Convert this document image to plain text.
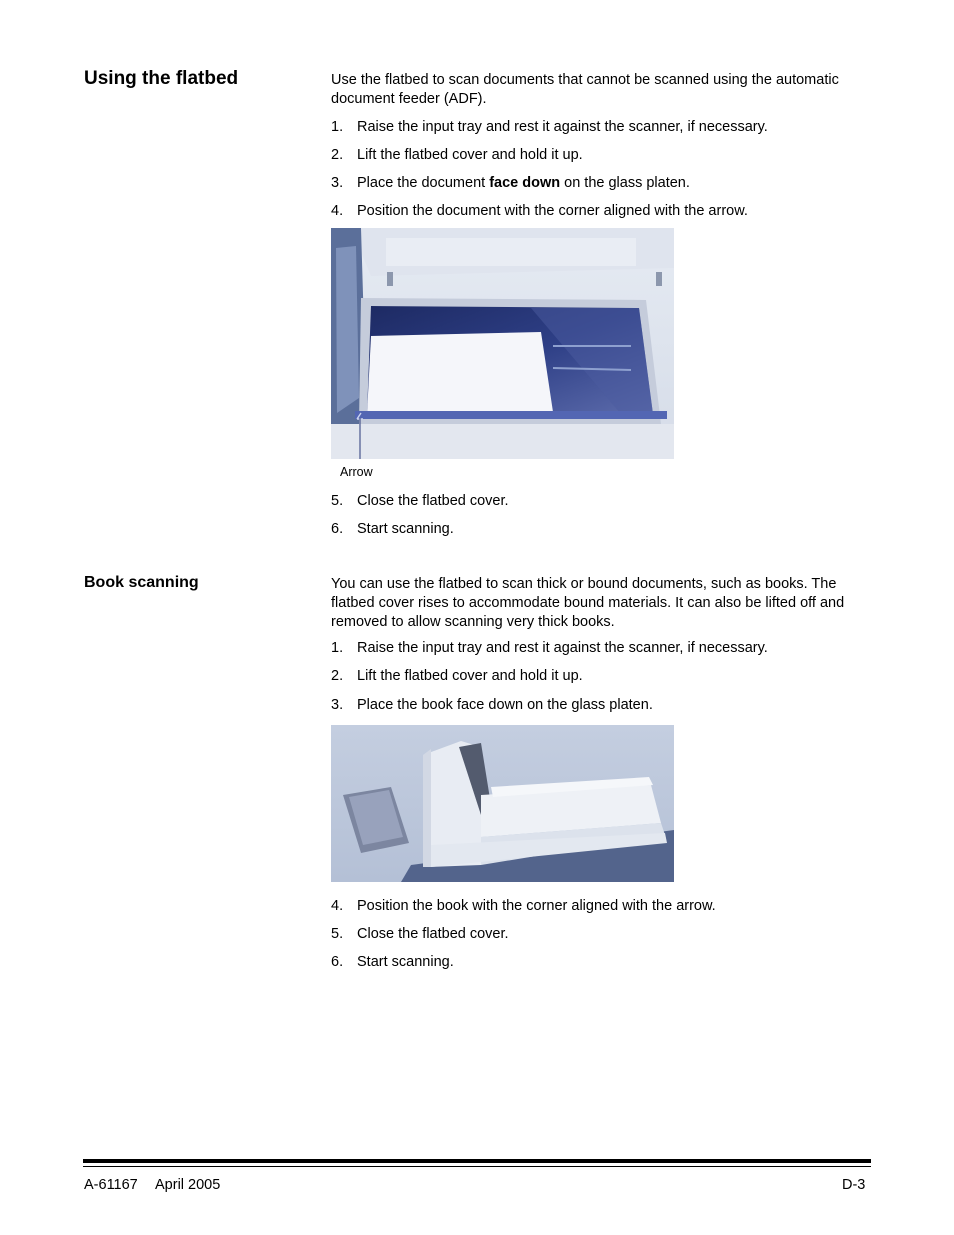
Using the flatbed	Use the flatbed to scan documents that cannot be scanned using the automatic document feeder (ADF).
1. Raise the input tray and rest it against the scanner, if necessary.
2. Lift the flatbed cover and hold it up.
3. Place the document face down on the glass platen.
4. Position the document with the corner aligned with the arrow.
Arrow
5. Close the flatbed cover.
6. Start scanning.
Book scanning	You can use the flatbed to scan thick or bound documents, such as books. The flatbed cover rises to accommodate bound materials. It can also be lifted off and removed to allow scanning very thick books.
1. Raise the input tray and rest it against the scanner, if necessary.
2. Lift the flatbed cover and hold it up.
3. Place the book face down on the glass platen.
4. Position the book with the corner aligned with the arrow.
5. Close the flatbed cover.
6. Start scanning.
A-61167 April 2005	D-3
